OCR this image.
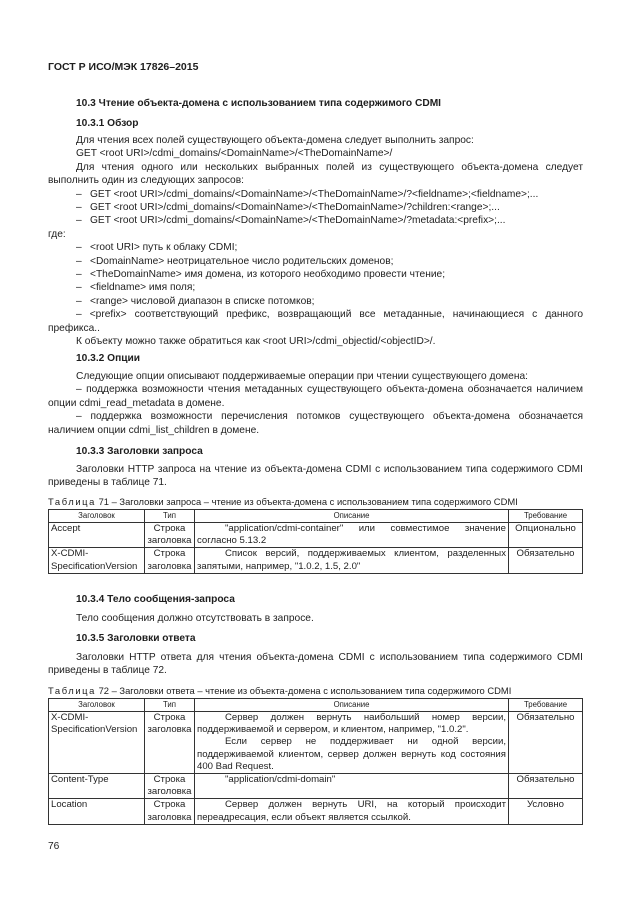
ГОСТ Р ИСО/МЭК 17826–2015
10.3 Чтение объекта-домена с использованием типа содержимого CDMI
10.3.1 Обзор

Для чтения всех полей существующего объекта-домена следует выполнить запрос:

GET <root URI>/cdmi_domains/<DomainName>/<TheDomainName>/

Для чтения одного или нескольких выбранных полей из существующего объекта-домена следует выполнить один из следующих запросов:

– GET <root URI>/cdmi_domains/<DomainName>/<TheDomainName>/?<fieldname>;<fieldname>;...

– GET <root URI>/cdmi_domains/<DomainName>/<TheDomainName>/?children:<range>;...

– GET <root URI>/cdmi_domains/<DomainName>/<TheDomainName>/?metadata:<prefix>;...

где:

– <root URI> путь к облаку CDMI;

– <DomainName> неотрицательное число родительских доменов;

– <TheDomainName> имя домена, из которого необходимо провести чтение;

– <fieldname> имя поля;

– <range> числовой диапазон в списке потомков;

– <prefix> соответствующий префикс, возвращающий все метаданные, начинающиеся с данного префикса..

К объекту можно также обратиться как <root URI>/cdmi_objectid/<objectID>/.

10.3.2 Опции

Следующие опции описывают поддерживаемые операции при чтении существующего домена:

– поддержка возможности чтения метаданных существующего объекта-домена обозначается наличием опции cdmi_read_metadata в домене.

– поддержка возможности перечисления потомков существующего объекта-домена обозначается наличием опции cdmi_list_children в домене.

10.3.3 Заголовки запроса

Заголовки HTTP запроса на чтение из объекта-домена CDMI с использованием типа содержимого CDMI приведены в таблице 71.

Таблица 71 – Заголовки запроса – чтение из объекта-домена с использованием типа содержимого CDMI
Заголовок	Тип	Описание	Требование
Accept	Строка заголовка	"application/cdmi-container" или совместимое значение согласно 5.13.2	Опционально
X-CDMI-SpecificationVersion	Строка заголовка	Список версий, поддерживаемых клиентом, разделенных запятыми, например, "1.0.2, 1.5, 2.0"	Обязательно
10.3.4 Тело сообщения-запроса

Тело сообщения должно отсутствовать в запросе.

10.3.5 Заголовки ответа

Заголовки HTTP ответа для чтения объекта-домена CDMI с использованием типа содержимого CDMI приведены в таблице 72.

Таблица 72 – Заголовки ответа – чтение из объекта-домена с использованием типа содержимого CDMI
Заголовок	Тип	Описание	Требование
X-CDMI-SpecificationVersion	Строка заголовка	Сервер должен вернуть наибольший номер версии, поддерживаемой и сервером, и клиентом, например, "1.0.2".

Если сервер не поддерживает ни одной версии, поддерживаемой клиентом, сервер должен вернуть код состояния 400 Bad Request.	Обязательно
Content-Type	Строка заголовка	"application/cdmi-domain"	Обязательно
Location	Строка заголовка	Сервер должен вернуть URI, на который происходит переадресация, если объект является ссылкой.	Условно
76
